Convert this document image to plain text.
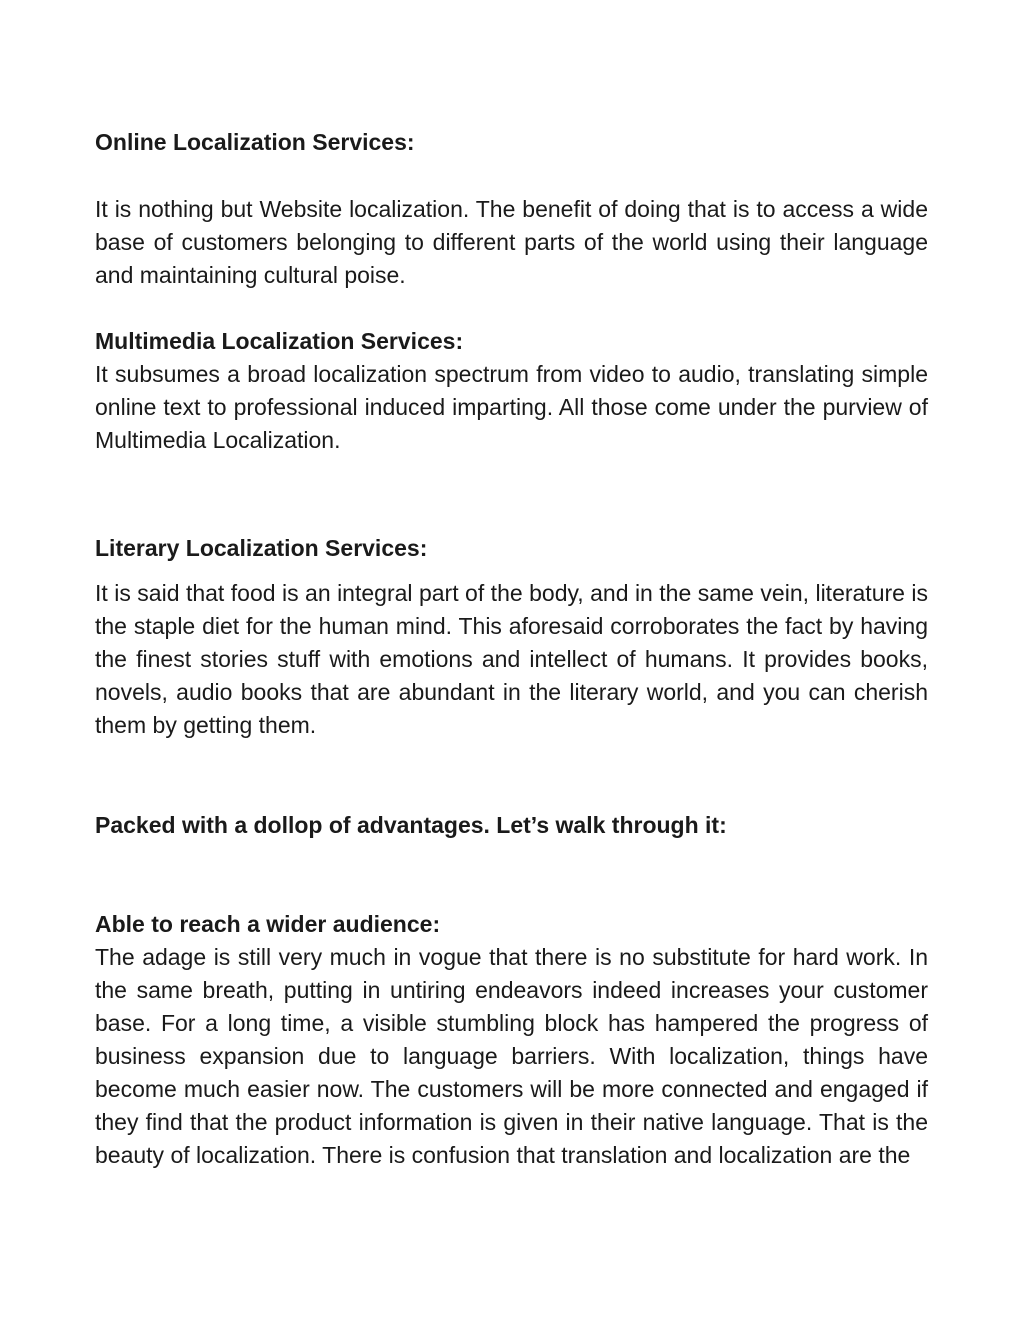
Online Localization Services:

It is nothing but Website localization. The benefit of doing that is to access a wide base of customers belonging to different parts of the world using their language and maintaining cultural poise.

Multimedia Localization Services:

It subsumes a broad localization spectrum from video to audio, translating simple online text to professional induced imparting. All those come under the purview of Multimedia Localization.

Literary Localization Services:

It is said that food is an integral part of the body, and in the same vein, literature is the staple diet for the human mind. This aforesaid corroborates the fact by having the finest stories stuff with emotions and intellect of humans. It provides books, novels, audio books that are abundant in the literary world, and you can cherish them by getting them.

Packed with a dollop of advantages. Let’s walk through it:
Able to reach a wider audience:

The adage is still very much in vogue that there is no substitute for hard work. In the same breath, putting in untiring endeavors indeed increases your customer base. For a long time, a visible stumbling block has hampered the progress of business expansion due to language barriers. With localization, things have become much easier now. The customers will be more connected and engaged if they find that the product information is given in their native language. That is the beauty of localization. There is confusion that translation and localization are the
